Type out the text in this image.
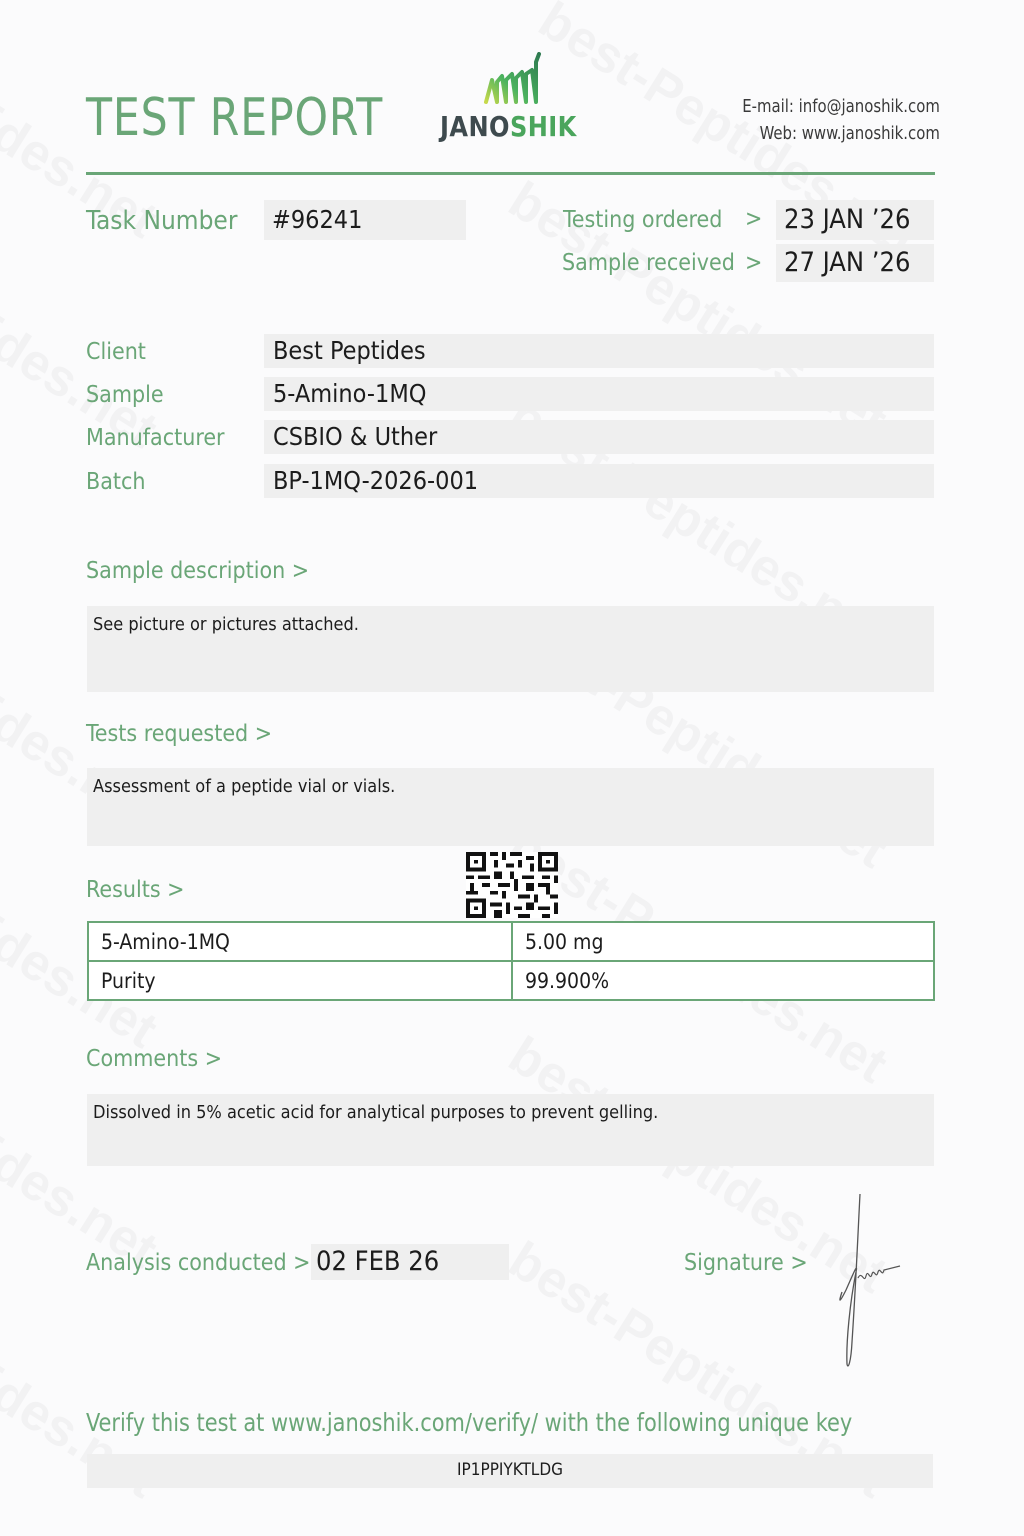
TEST REPORT JANOSHIK
E-mail: info@janoshik.com
Web: www.janoshik.com
Task Number #96241	Testing ordered > 23 JAN ’26
Sample received > 27 JAN ’26
Client	Best Peptides
Sample	5-Amino-1MQ
Manufacturer CSBIO & Uther
Batch	BP-1MQ-2026-001
Sample description >
See picture or pictures attached.
Tests requested >
Assessment of a peptide vial or vials.
Results >
5-Amino-1MQ	5.00 mg
Purity	99.900%
Comments >
Dissolved in 5% acetic acid for analytical purposes to prevent gelling.
Analysis conducted > 02 FEB 26	Signature >
Verify this test at www.janoshik.com/verify/ with the following unique key
IP1PPIYKTLDG
